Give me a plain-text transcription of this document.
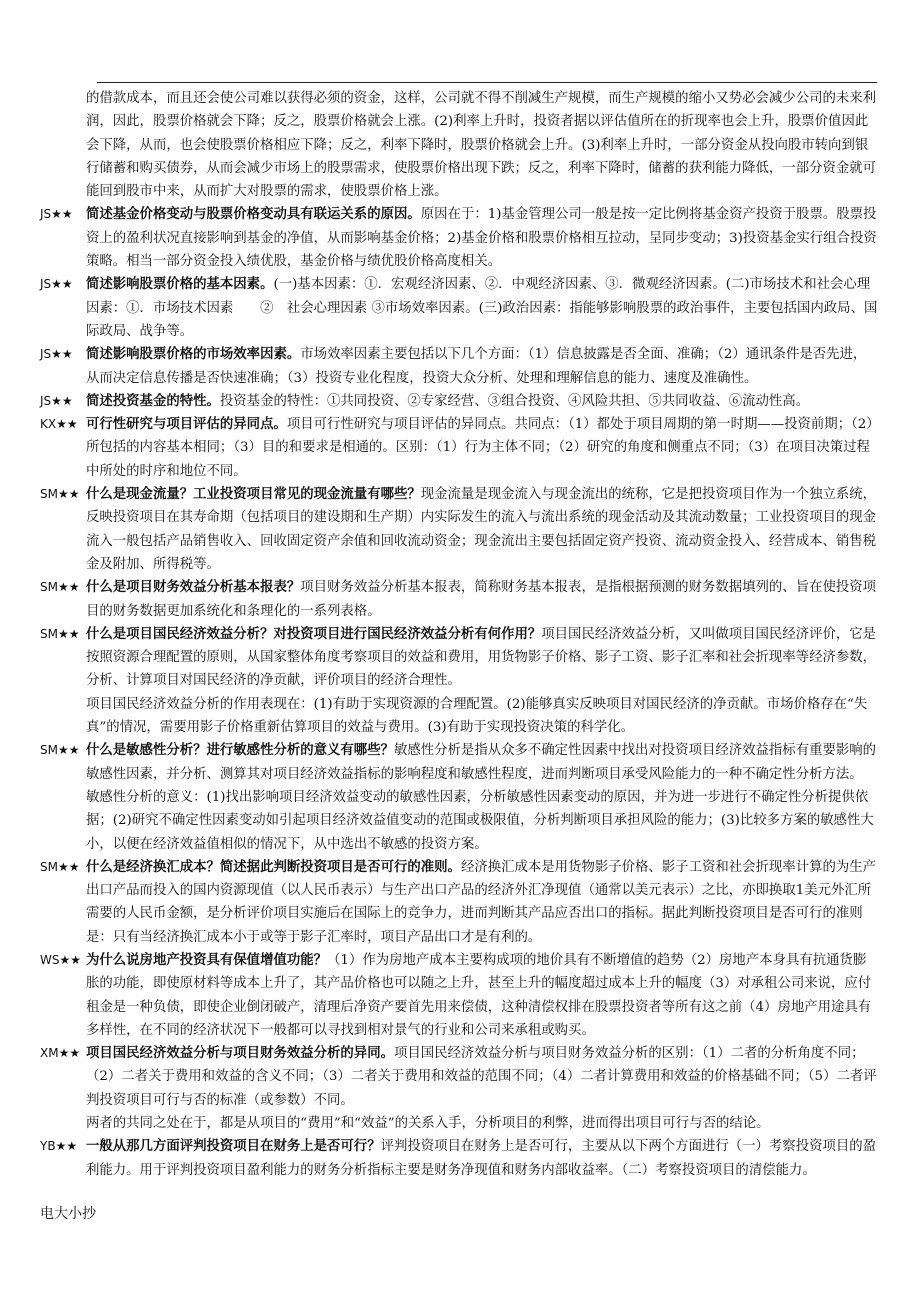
的借款成本，而且还会使公司难以获得必须的资金，这样，公司就不得不削减生产规模，而生产规模的缩小又势必会减少公司的未来利润，因此，股票价格就会下降；反之，股票价格就会上涨。(2)利率上升时，投资者据以评估值所在的折现率也会上升，股票价值因此会下降，从而，也会使股票价格相应下降；反之，利率下降时，股票价格就会上升。(3)利率上升时，一部分资金从投向股市转向到银行储蓄和购买债券，从而会减少市场上的股票需求，使股票价格出现下跌；反之，利率下降时，储蓄的获利能力降低，一部分资金就可能回到股市中来，从而扩大对股票的需求，使股票价格上涨。

JS★★ 简述基金价格变动与股票价格变动具有联运关系的原因。原因在于：1)基金管理公司一般是按一定比例将基金资产投资于股票。股票投资上的盈利状况直接影响到基金的净值，从而影响基金价格；2)基金价格和股票价格相互拉动，呈同步变动；3)投资基金实行组合投资策略。相当一部分资金投入绩优股，基金价格与绩优股价格高度相关。

JS★★ 简述影响股票价格的基本因素。(一)基本因素：①．宏观经济因素、②．中观经济因素、③．微观经济因素。(二)市场技术和社会心理因素：①．市场技术因素　　②　社会心理因素 ③市场效率因素。(三)政治因素：指能够影响股票的政治事件，主要包括国内政局、国际政局、战争等。

JS★★ 简述影响股票价格的市场效率因素。市场效率因素主要包括以下几个方面：（1）信息披露是否全面、准确；（2）通讯条件是否先进，从而决定信息传播是否快速准确；（3）投资专业化程度，投资大众分析、处理和理解信息的能力、速度及准确性。

JS★★ 简述投资基金的特性。投资基金的特性：①共同投资、②专家经营、③组合投资、④风险共担、⑤共同收益、⑥流动性高。

KX★★ 可行性研究与项目评估的异同点。项目可行性研究与项目评估的异同点。共同点：（1）都处于项目周期的第一时期——投资前期；（2）所包括的内容基本相同；（3）目的和要求是相通的。区别：（1）行为主体不同；（2）研究的角度和侧重点不同；（3）在项目决策过程中所处的时序和地位不同。

SM★★ 什么是现金流量？工业投资项目常见的现金流量有哪些？现金流量是现金流入与现金流出的统称，它是把投资项目作为一个独立系统，反映投资项目在其寿命期（包括项目的建设期和生产期）内实际发生的流入与流出系统的现金活动及其流动数量；工业投资项目的现金流入一般包括产品销售收入、回收固定资产余值和回收流动资金；现金流出主要包括固定资产投资、流动资金投入、经营成本、销售税金及附加、所得税等。

SM★★ 什么是项目财务效益分析基本报表？项目财务效益分析基本报表，简称财务基本报表，是指根据预测的财务数据填列的、旨在使投资项目的财务数据更加系统化和条理化的一系列表格。

SM★★ 什么是项目国民经济效益分析？对投资项目进行国民经济效益分析有何作用？项目国民经济效益分析，又叫做项目国民经济评价，它是按照资源合理配置的原则，从国家整体角度考察项目的效益和费用，用货物影子价格、影子工资、影子汇率和社会折现率等经济参数，分析、计算项目对国民经济的净贡献，评价项目的经济合理性。

项目国民经济效益分析的作用表现在：(1)有助于实现资源的合理配置。(2)能够真实反映项目对国民经济的净贡献。市场价格存在“失真”的情况，需要用影子价格重新估算项目的效益与费用。(3)有助于实现投资决策的科学化。

SM★★ 什么是敏感性分析？进行敏感性分析的意义有哪些？敏感性分析是指从众多不确定性因素中找出对投资项目经济效益指标有重要影响的敏感性因素，并分析、测算其对项目经济效益指标的影响程度和敏感性程度，进而判断项目承受风险能力的一种不确定性分析方法。

敏感性分析的意义：(1)找出影响项目经济效益变动的敏感性因素，分析敏感性因素变动的原因，并为进一步进行不确定性分析提供依据；(2)研究不确定性因素变动如引起项目经济效益值变动的范围或极限值，分析判断项目承担风险的能力；(3)比较多方案的敏感性大小，以便在经济效益值相似的情况下，从中选出不敏感的投资方案。

SM★★ 什么是经济换汇成本？简述据此判断投资项目是否可行的准则。经济换汇成本是用货物影子价格、影子工资和社会折现率计算的为生产出口产品而投入的国内资源现值（以人民币表示）与生产出口产品的经济外汇净现值（通常以美元表示）之比，亦即换取1美元外汇所需要的人民币金额，是分析评价项目实施后在国际上的竞争力，进而判断其产品应否出口的指标。据此判断投资项目是否可行的准则是：只有当经济换汇成本小于或等于影子汇率时，项目产品出口才是有利的。

WS★★ 为什么说房地产投资具有保值增值功能？（1）作为房地产成本主要构成项的地价具有不断增值的趋势（2）房地产本身具有抗通货膨胀的功能，即使原材料等成本上升了，其产品价格也可以随之上升，甚至上升的幅度超过成本上升的幅度（3）对承租公司来说，应付租金是一种负债，即使企业倒闭破产，清理后净资产要首先用来偿债，这种清偿权排在股票投资者等所有这之前（4）房地产用途具有多样性，在不同的经济状况下一般都可以寻找到相对景气的行业和公司来承租或购买。

XM★★ 项目国民经济效益分析与项目财务效益分析的异同。项目国民经济效益分析与项目财务效益分析的区别：（1）二者的分析角度不同；（2）二者关于费用和效益的含义不同；（3）二者关于费用和效益的范围不同；（4）二者计算费用和效益的价格基础不同；（5）二者评判投资项目可行与否的标准（或参数）不同。

两者的共同之处在于，都是从项目的“费用”和“效益”的关系入手，分析项目的利弊，进而得出项目可行与否的结论。

YB★★ 一般从那几方面评判投资项目在财务上是否可行？评判投资项目在财务上是否可行，主要从以下两个方面进行（一）考察投资项目的盈利能力。用于评判投资项目盈利能力的财务分析指标主要是财务净现值和财务内部收益率。（二）考察投资项目的清偿能力。

电大小抄
